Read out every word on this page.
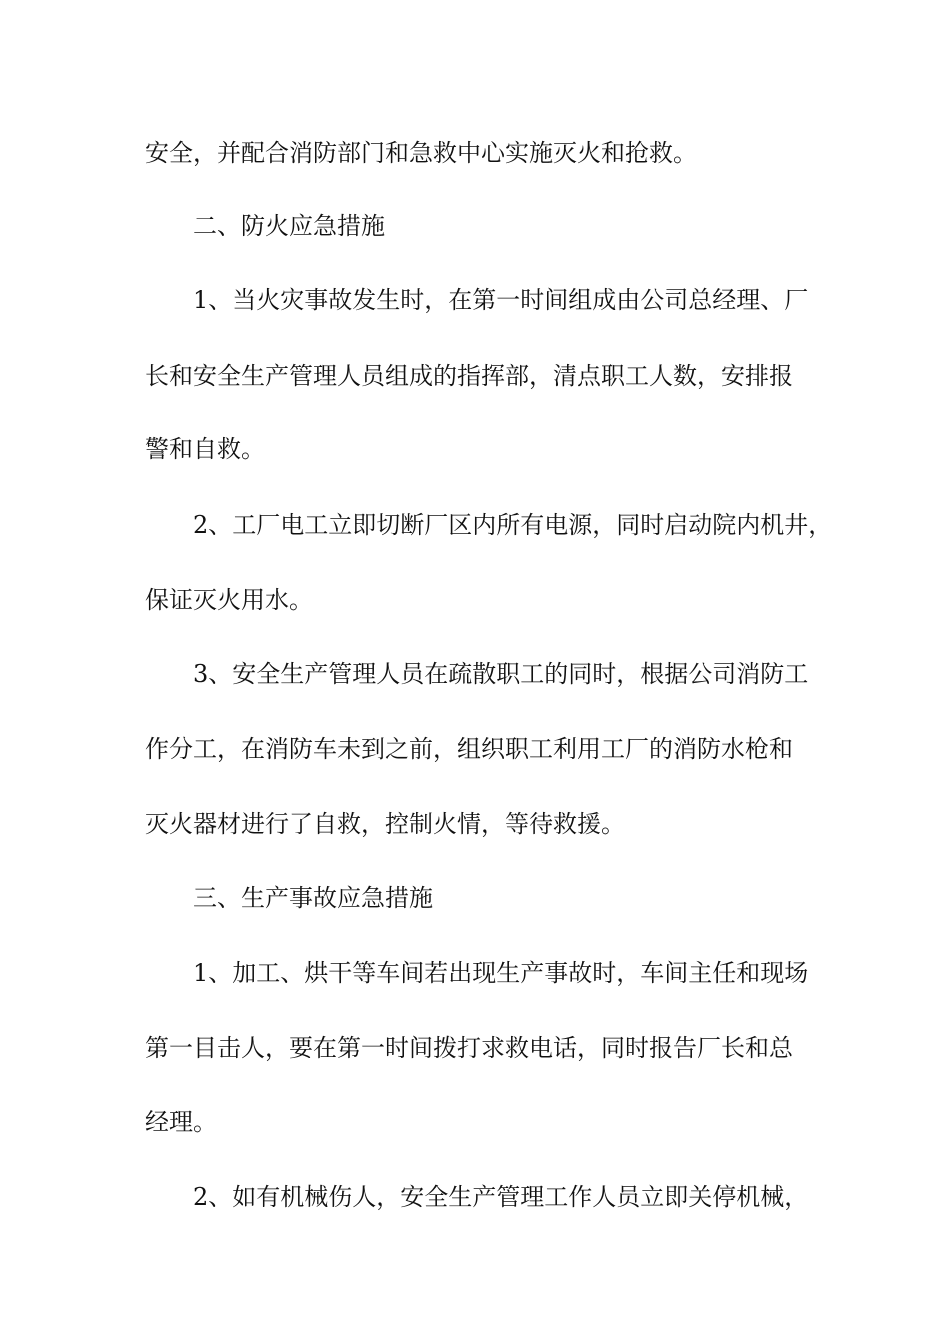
安全，并配合消防部门和急救中心实施灭火和抢救。
二、防火应急措施
1、当火灾事故发生时，在第一时间组成由公司总经理、厂
长和安全生产管理人员组成的指挥部，清点职工人数，安排报
警和自救。
2、工厂电工立即切断厂区内所有电源，同时启动院内机井，
保证灭火用水。
3、安全生产管理人员在疏散职工的同时，根据公司消防工
作分工，在消防车未到之前，组织职工利用工厂的消防水枪和
灭火器材进行了自救，控制火情，等待救援。
三、生产事故应急措施
1、加工、烘干等车间若出现生产事故时，车间主任和现场
第一目击人，要在第一时间拨打求救电话，同时报告厂长和总
经理。
2、如有机械伤人，安全生产管理工作人员立即关停机械，
